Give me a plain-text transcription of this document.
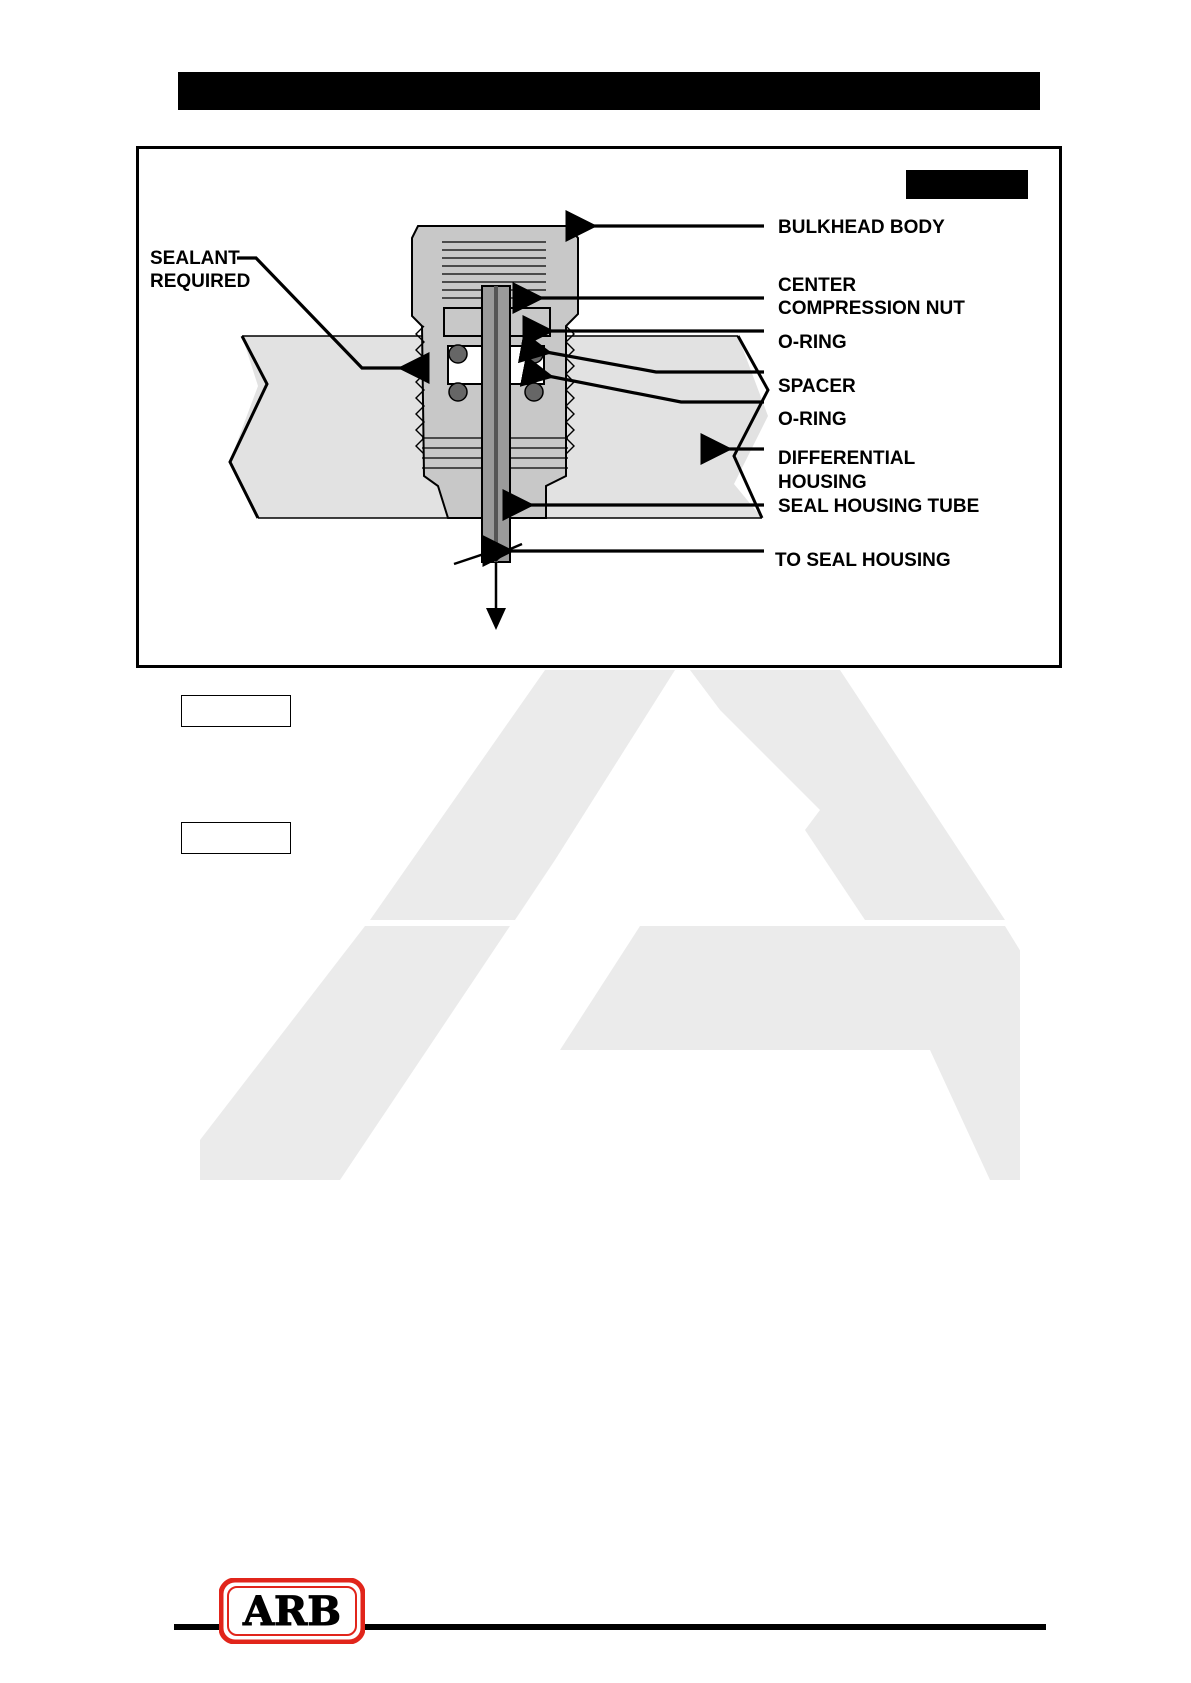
SEALANT
REQUIRED
BULKHEAD BODY
CENTER
COMPRESSION NUT
O-RING
SPACER
O-RING
DIFFERENTIAL
HOUSING
SEAL HOUSING TUBE
TO SEAL HOUSING
ARB
